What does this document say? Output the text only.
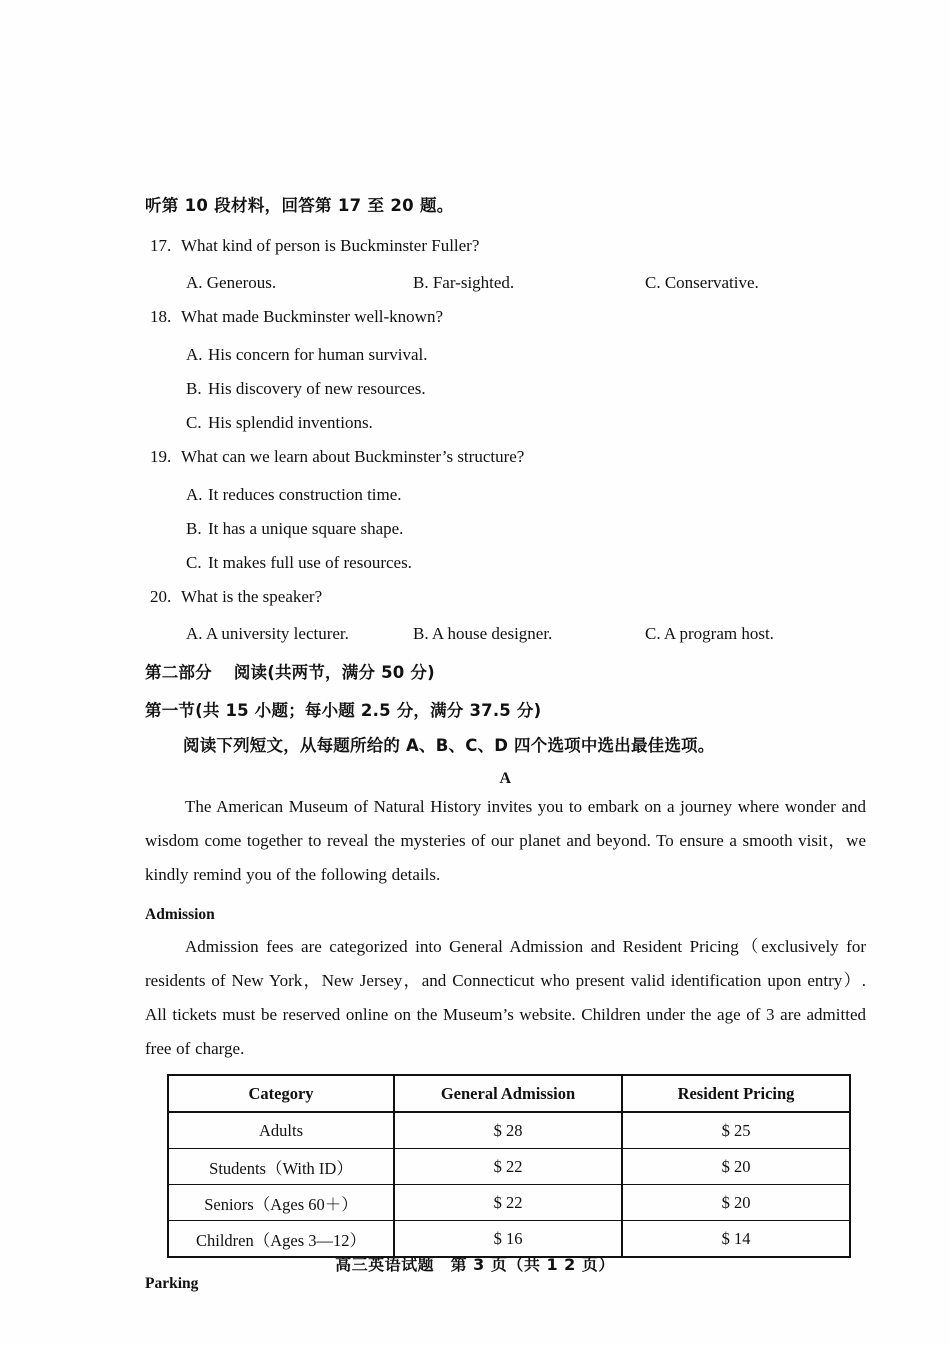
听第 10 段材料，回答第 17 至 20 题。
17. What kind of person is Buckminster Fuller?
A. Generous.	B. Far-sighted.	C. Conservative.
18. What made Buckminster well-known?
A. His concern for human survival.
B. His discovery of new resources.
C. His splendid inventions.
19. What can we learn about Buckminster’s structure?
A. It reduces construction time.
B. It has a unique square shape.
C. It makes full use of resources.
20. What is the speaker?
A. A university lecturer.	B. A house designer.	C. A program host.
第二部分 阅读(共两节，满分 50 分)
第一节(共 15 小题；每小题 2.5 分，满分 37.5 分)
阅读下列短文，从每题所给的 A、B、C、D 四个选项中选出最佳选项。
A

The American Museum of Natural History invites you to embark on a journey where wonder and wisdom come together to reveal the mysteries of our planet and beyond. To ensure a smooth visit，we kindly remind you of the following details.

Admission

Admission fees are categorized into General Admission and Resident Pricing（exclusively for residents of New York，New Jersey，and Connecticut who present valid identification upon entry）. All tickets must be reserved online on the Museum’s website. Children under the age of 3 are admitted free of charge.

Category	General Admission	Resident Pricing
Adults	$ 28	$ 25
Students（With ID）	$ 22	$ 20
Seniors（Ages 60＋）	$ 22	$ 20
Children（Ages 3—12）	$ 16	$ 14
Parking
高三英语试题　第 3 页（共 1 2 页）
